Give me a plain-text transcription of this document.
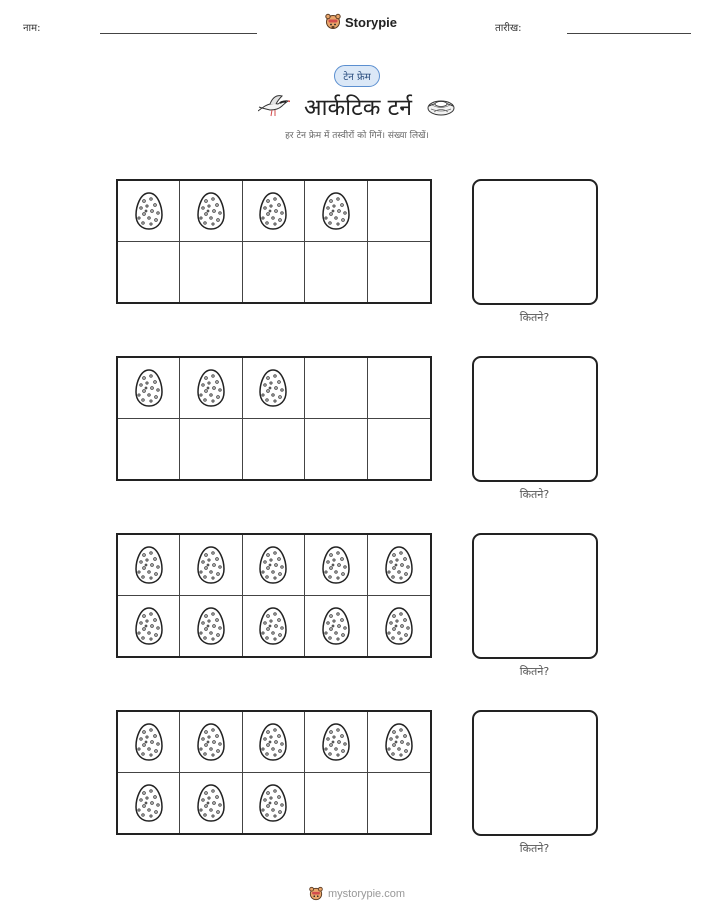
नाम:	Storypie	तारीख:
टेन फ्रेम
आर्कटिक टर्न
हर टेन फ्रेम में तस्वीरों को गिनें। संख्या लिखें।
कितने?
कितने?
कितने?
कितने?
mystorypie.com
